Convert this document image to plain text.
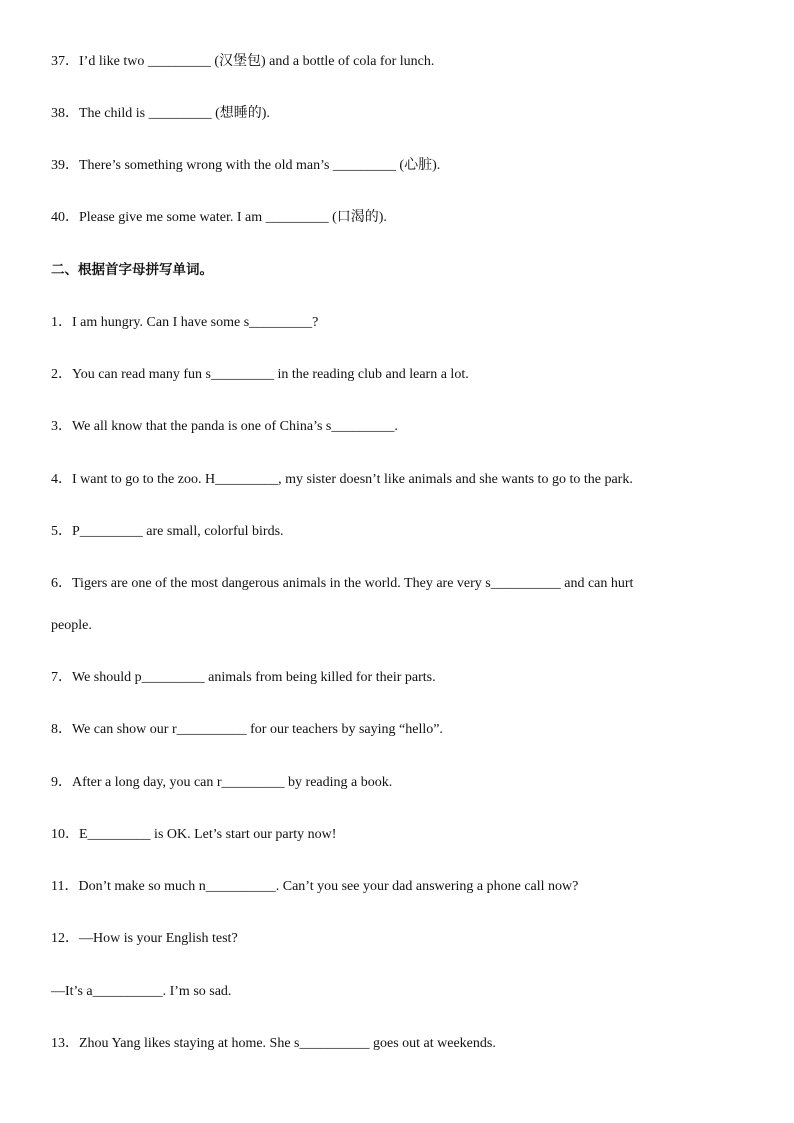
37．I’d like two _________ (汉堡包) and a bottle of cola for lunch.
38．The child is _________ (想睡的).
39．There’s something wrong with the old man’s _________ (心脏).
40．Please give me some water. I am _________ (口渴的).
二、根据首字母拼写单词。
1．I am hungry. Can I have some s_________?
2．You can read many fun s_________ in the reading club and learn a lot.
3．We all know that the panda is one of China’s s_________.
4．I want to go to the zoo. H_________, my sister doesn’t like animals and she wants to go to the park.
5．P_________ are small, colorful birds.
6．Tigers are one of the most dangerous animals in the world. They are very s__________ and can hurt
people.
7．We should p_________ animals from being killed for their parts.
8．We can show our r__________ for our teachers by saying “hello”.
9．After a long day, you can r_________ by reading a book.
10．E_________ is OK. Let’s start our party now!
11．Don’t make so much n__________. Can’t you see your dad answering a phone call now?
12．—How is your English test?
—It’s a__________. I’m so sad.
13．Zhou Yang likes staying at home. She s__________ goes out at weekends.
